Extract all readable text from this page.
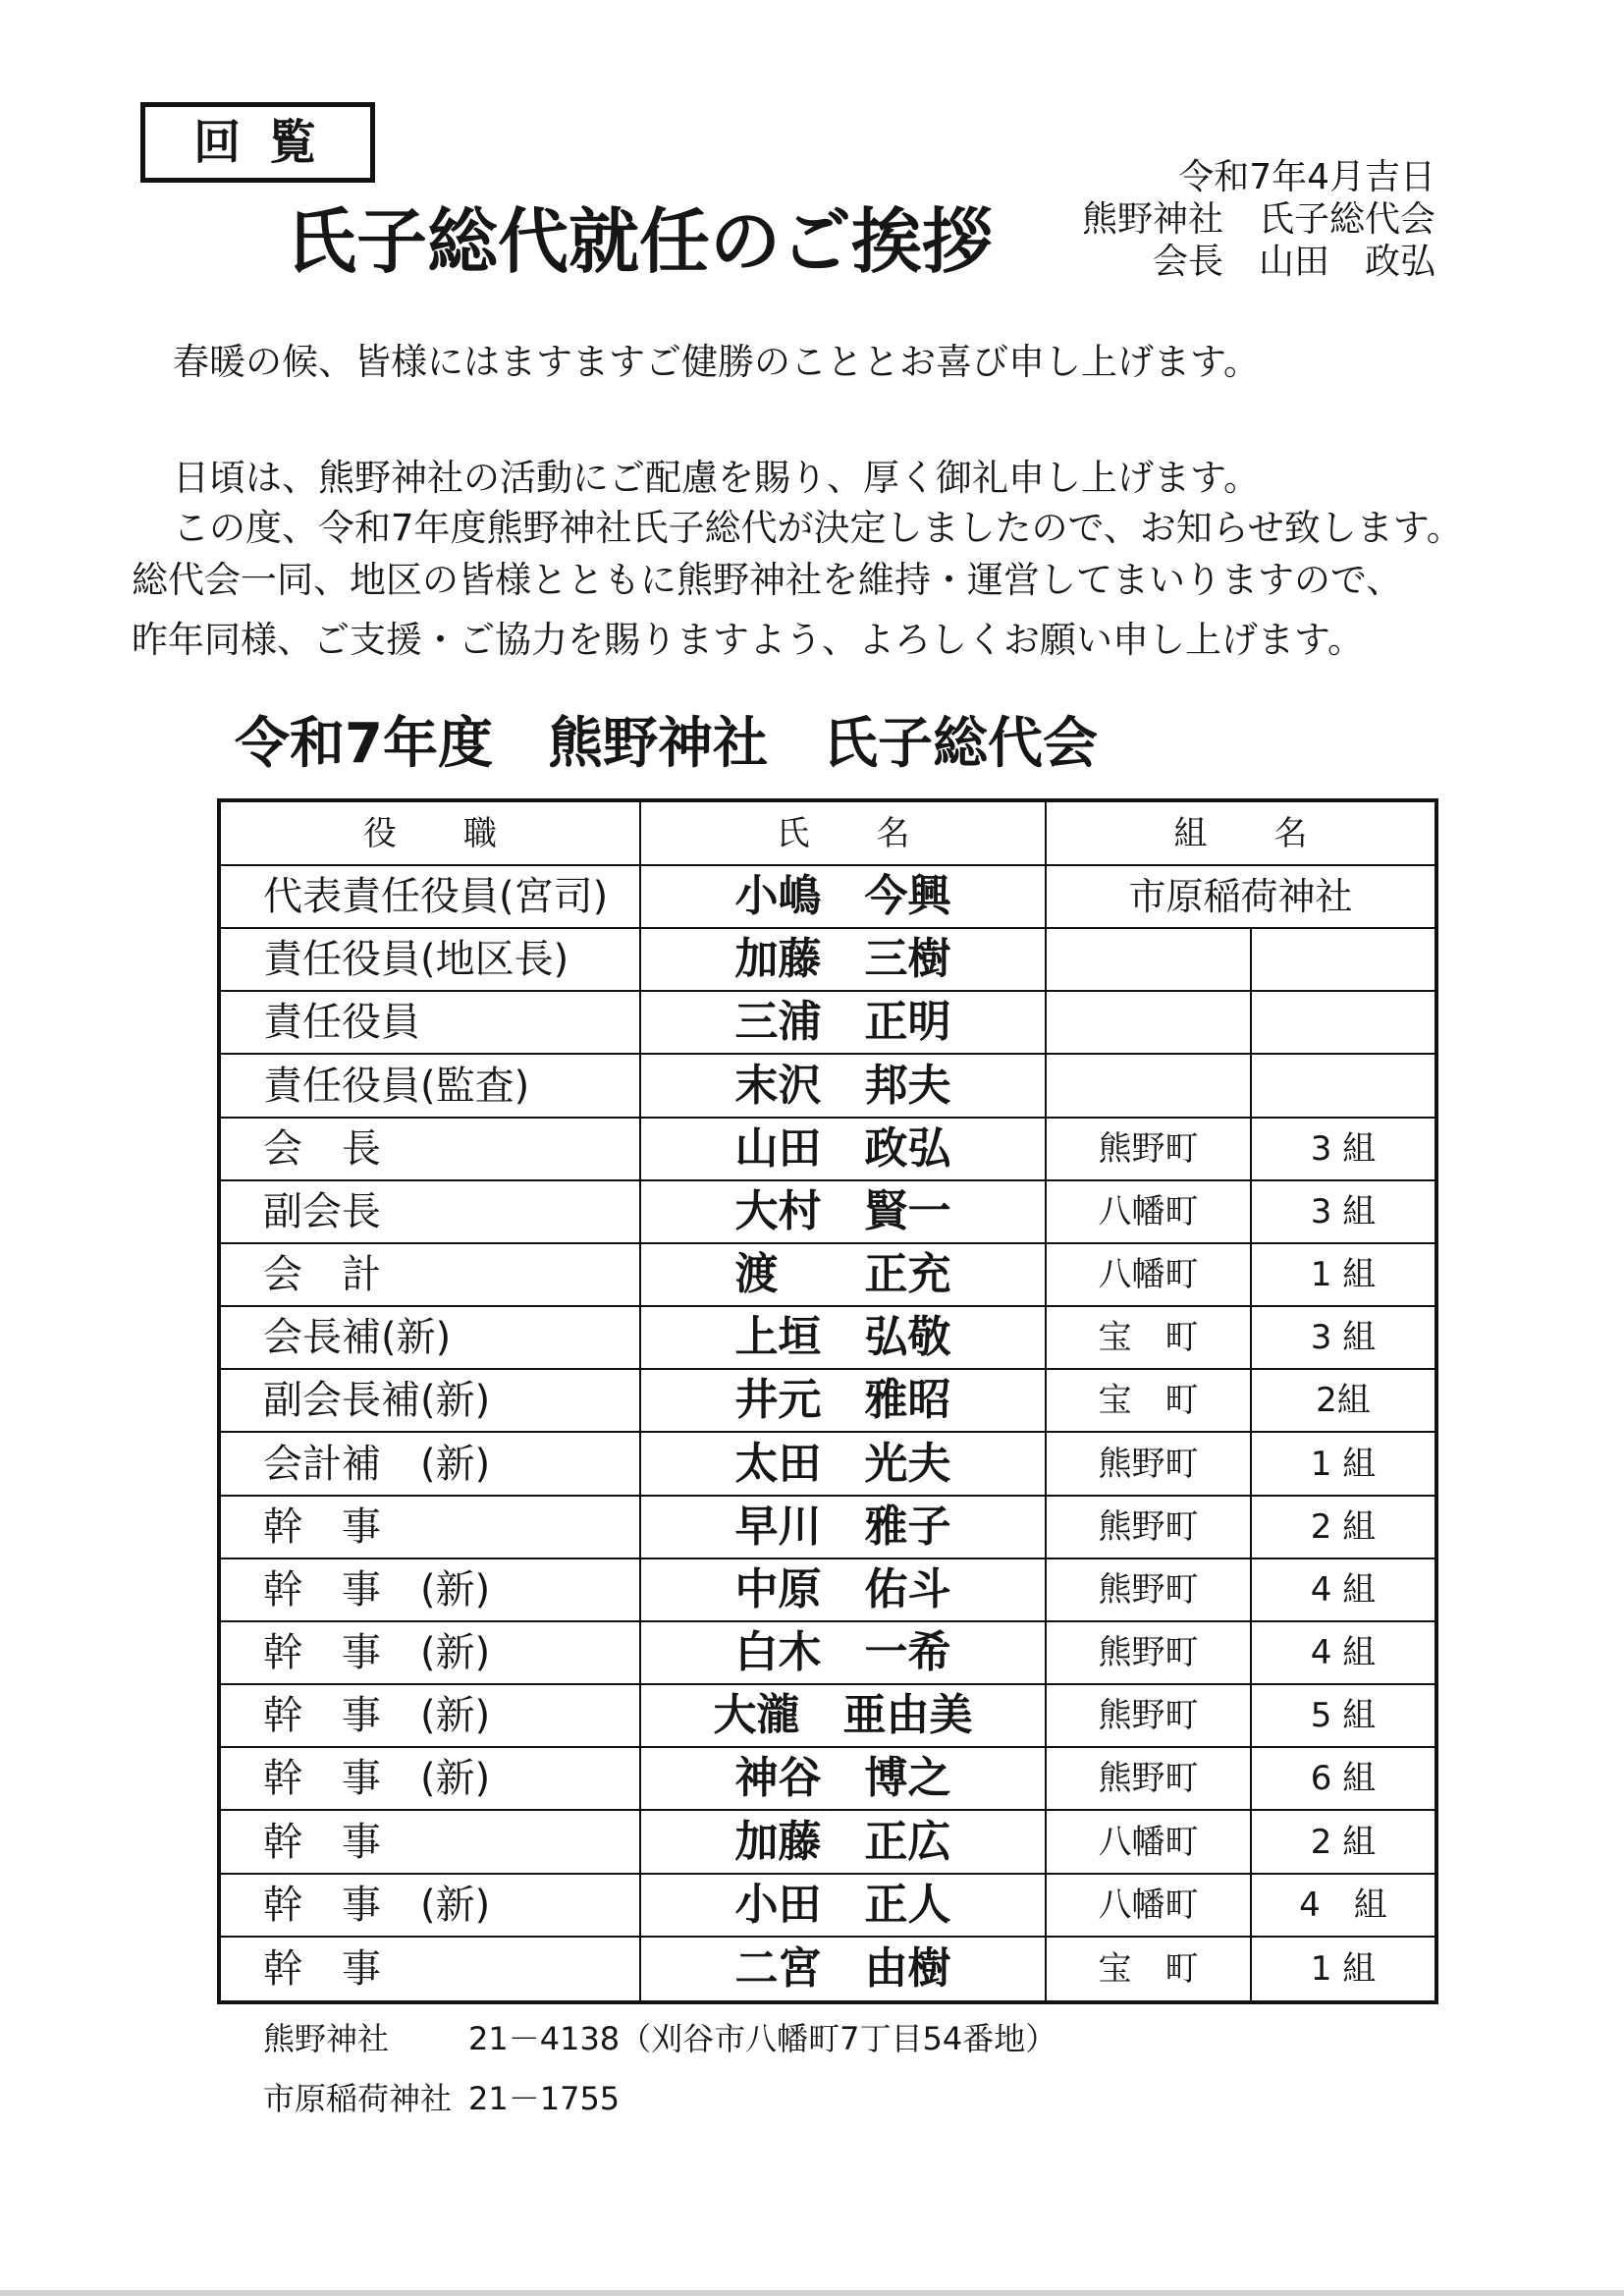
回 覧
氏子総代就任のご挨拶
令和7年4月吉日
熊野神社　氏子総代会
会長　山田　政弘
春暖の候、皆様にはますますご健勝のこととお喜び申し上げます。
日頃は、熊野神社の活動にご配慮を賜り、厚く御礼申し上げます。
この度、令和7年度熊野神社氏子総代が決定しましたので、お知らせ致します。
総代会一同、地区の皆様とともに熊野神社を維持・運営してまいりますので、
昨年同様、ご支援・ご協力を賜りますよう、よろしくお願い申し上げます。
令和7年度　熊野神社　氏子総代会
役　　職	氏　　名	組　　名
代表責任役員(宮司)	小嶋　今興	市原稲荷神社
責任役員(地区長)	加藤　三樹
責任役員	三浦　正明
責任役員(監査)	末沢　邦夫
会　長	山田　政弘	熊野町	3 組
副会長	大村　賢一	八幡町	3 組
会　計	渡　　正充	八幡町	1 組
会長補(新)	上垣　弘敬	宝　町	3 組
副会長補(新)	井元　雅昭	宝　町	2組
会計補　(新)	太田　光夫	熊野町	1 組
幹　事	早川　雅子	熊野町	2 組
幹　事　(新)	中原　佑斗	熊野町	4 組
幹　事　(新)	白木　一希	熊野町	4 組
幹　事　(新)	大瀧　亜由美	熊野町	5 組
幹　事　(新)	神谷　博之	熊野町	6 組
幹　事	加藤　正広	八幡町	2 組
幹　事　(新)	小田　正人	八幡町	4　組
幹　事	二宮　由樹	宝　町	1 組
熊野神社	21－4138 （刈谷市八幡町7丁目54番地）
市原稲荷神社 21－1755
